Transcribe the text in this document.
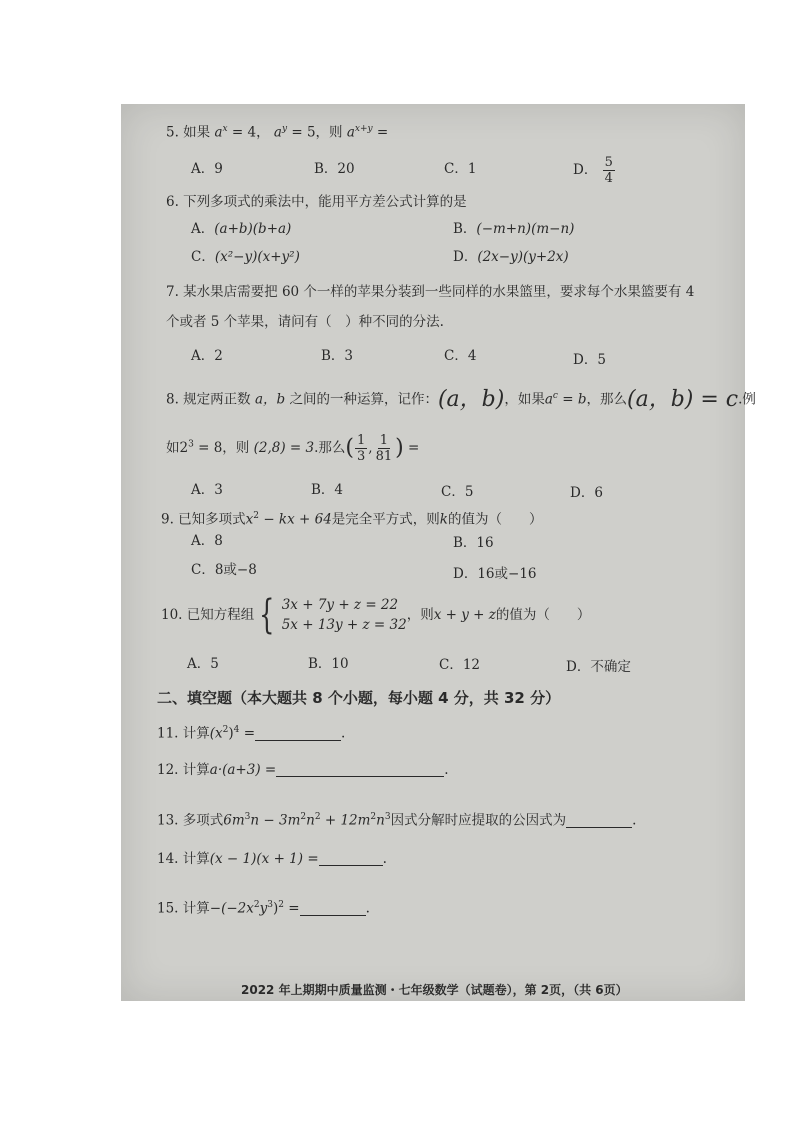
5. 如果 $a^x = 4$， $a^y = 5$，则 $a^{x+y}$ =
A．9	B．20	C．1	D． $\frac{5}{4}$
6. 下列多项式的乘法中，能用平方差公式计算的是
A．(a+b)(b+a)	B．(−m+n)(m−n)
C．(x²−y)(x+y²)	D．(2x−y)(y+2x)
7. 某水果店需要把 60 个一样的苹果分装到一些同样的水果篮里，要求每个水果篮要有 4
个或者 5 个苹果，请问有（　）种不同的分法.
A．2	B．3	C．4	D．5
8. 规定两正数 a，b 之间的一种运算，记作：(a，b)，如果$a^c = b$，那么(a，b) = c.例
如$2^3 = 8$，则 (2,8) = 3.那么( $\frac{1}{3}$ , $\frac{1}{81}$ ) =
A．3	B．4	C．5	D．6
9. 已知多项式$x^2$ − kx + 64是完全平方式，则k的值为（　　）
A．8	B．16
C．8或−8	D．16或−16
10. 已知方程组 { 3x + 7y + z = 22
5x + 13y + z = 32
，则 x + y + z 的值为（　　）
A．5	B．10	C．12	D．不确定
二、填空题（本大题共 8 个小题，每小题 4 分，共 32 分）
11. 计算$(x^2)^4$ =	.
12. 计算a·(a+3) =	.
13. 多项式$6m^3n - 3m^2n^2 + 12m^2n^3$因式分解时应提取的公因式为	.
14. 计算(x − 1)(x + 1) =	.
15. 计算$-(-2x^2y^3)^2$ =	.
2022 年上期期中质量监测・七年级数学（试题卷），第 2页，（共 6页）
